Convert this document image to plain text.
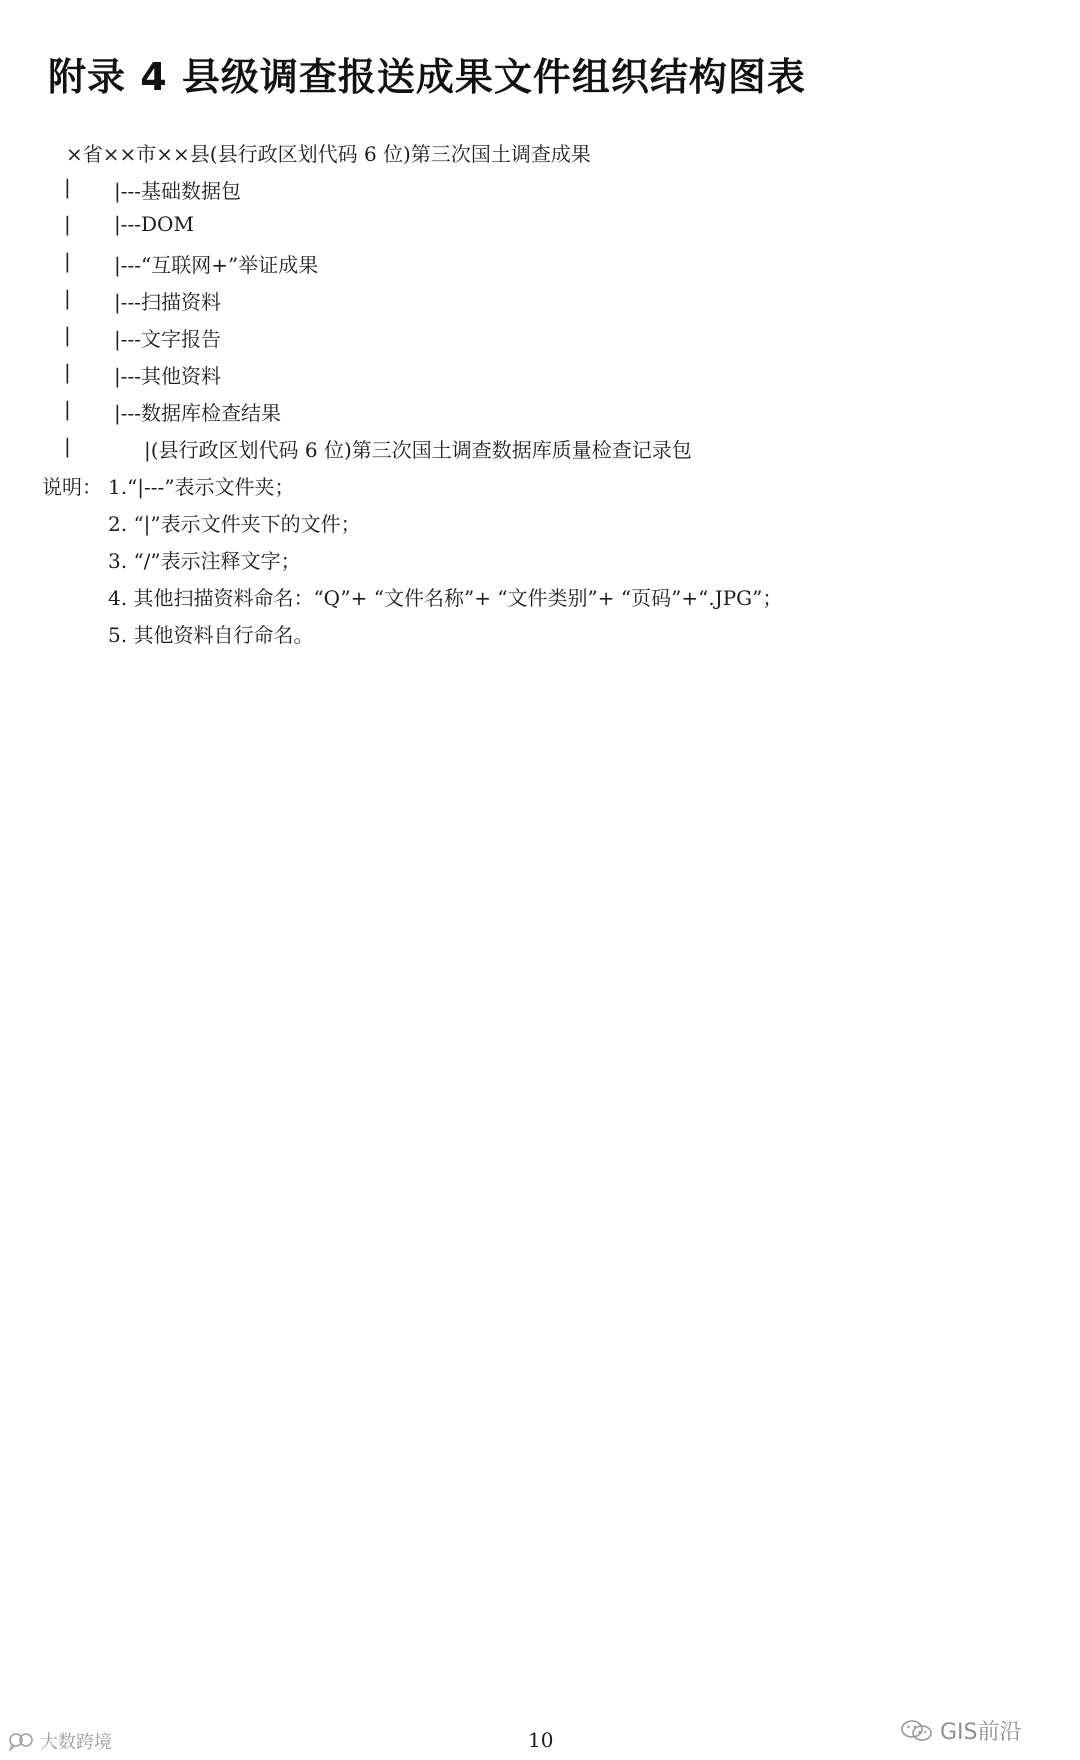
附录 4 县级调查报送成果文件组织结构图表
×省××市××县(县行政区划代码 6 位)第三次国土调查成果
| |---基础数据包
| |---DOM
| |---“互联网+”举证成果
| |---扫描资料
| |---文字报告
| |---其他资料
| |---数据库检查结果
|	|(县行政区划代码 6 位)第三次国土调查数据库质量检查记录包
说明： 1.“|---”表示文件夹；
2. “|”表示文件夹下的文件；
3. “/”表示注释文字；
4. 其他扫描资料命名：“Q”+ “文件名称”+ “文件类别”+ “页码”+“.JPG”；
5. 其他资料自行命名。
10
大数跨境	GIS前沿
